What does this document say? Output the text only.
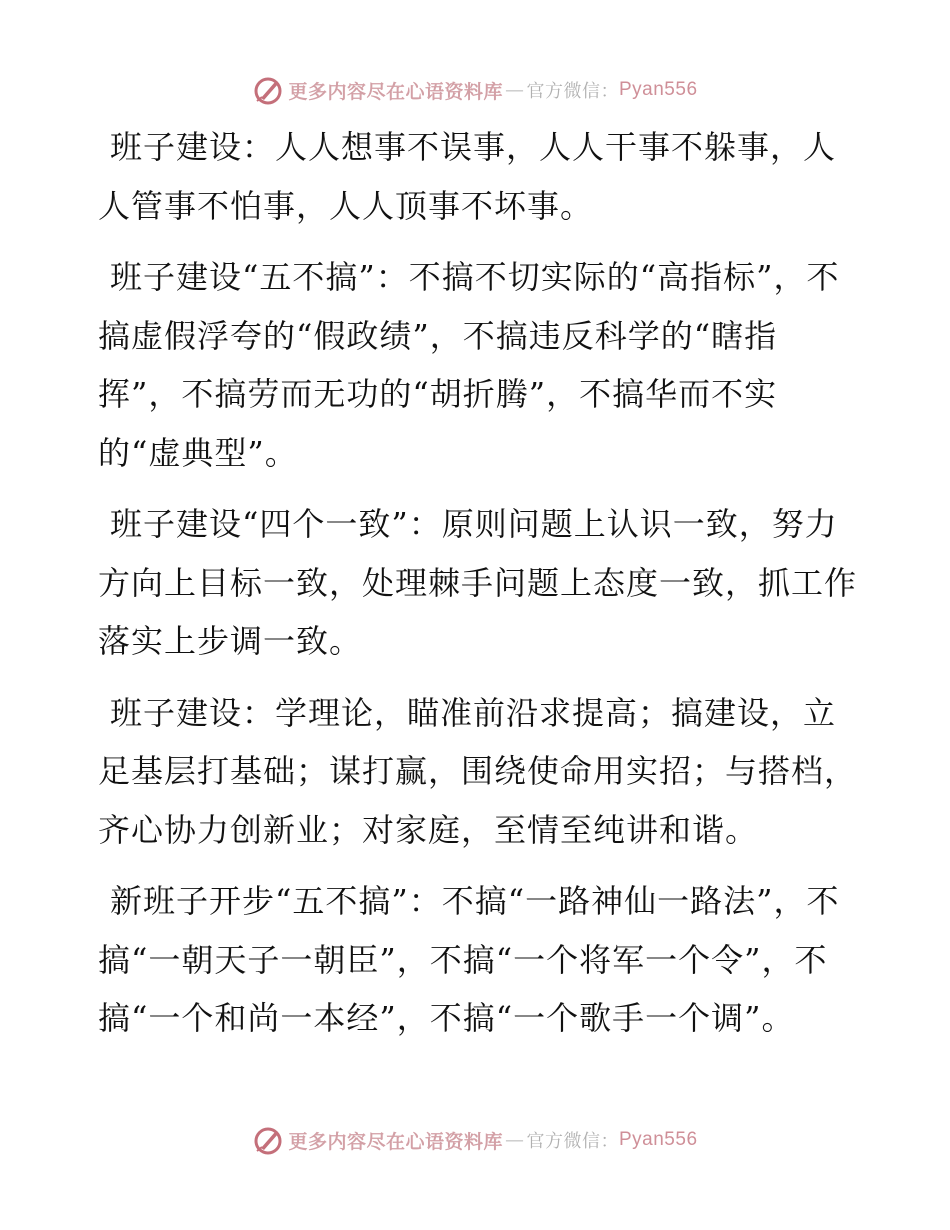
更多内容尽在心语资料库 — 官方微信： Pyan556

班子建设：人人想事不误事，人人干事不躲事，人人管事不怕事，人人顶事不坏事。

班子建设“五不搞”：不搞不切实际的“高指标”，不搞虚假浮夸的“假政绩”，不搞违反科学的“瞎指挥”，不搞劳而无功的“胡折腾”，不搞华而不实的“虚典型”。

班子建设“四个一致”：原则问题上认识一致，努力方向上目标一致，处理棘手问题上态度一致，抓工作落实上步调一致。

班子建设：学理论，瞄准前沿求提高；搞建设，立足基层打基础；谋打赢，围绕使命用实招；与搭档，齐心协力创新业；对家庭，至情至纯讲和谐。

新班子开步“五不搞”：不搞“一路神仙一路法”，不搞“一朝天子一朝臣”，不搞“一个将军一个令”，不搞“一个和尚一本经”，不搞“一个歌手一个调”。

更多内容尽在心语资料库 — 官方微信： Pyan556
